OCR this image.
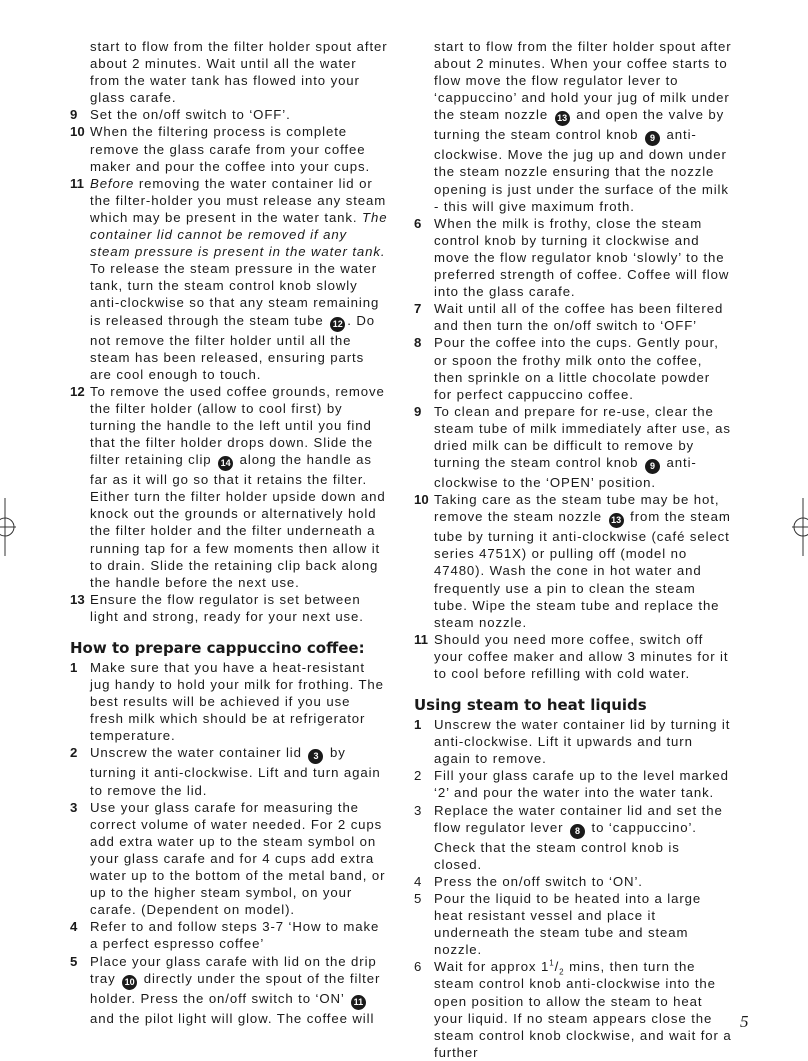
start to flow from the filter holder spout after about 2 minutes. Wait until all the water from the water tank has flowed into your glass carafe.
9 Set the on/off switch to ‘OFF’.
10 When the filtering process is complete remove the glass carafe from your coffee maker and pour the coffee into your cups.
11 Before removing the water container lid or the filter-holder you must release any steam which may be present in the water tank. The container lid cannot be removed if any steam pressure is present in the water tank. To release the steam pressure in the water tank, turn the steam control knob slowly anti-clockwise so that any steam remaining is released through the steam tube 12 . Do not remove the filter holder until all the steam has been released, ensuring parts are cool enough to touch.
12 To remove the used coffee grounds, remove the filter holder (allow to cool first) by turning the handle to the left until you find that the filter holder drops down. Slide the filter retaining clip 14 along the handle as far as it will go so that it retains the filter. Either turn the filter holder upside down and knock out the grounds or alternatively hold the filter holder and the filter underneath a running tap for a few moments then allow it to drain. Slide the retaining clip back along the handle before the next use.
13 Ensure the flow regulator is set between light and strong, ready for your next use.
How to prepare cappuccino coffee:
1 Make sure that you have a heat-resistant jug handy to hold your milk for frothing. The best results will be achieved if you use fresh milk which should be at refrigerator temperature.
2 Unscrew the water container lid 3 by turning it anti-clockwise. Lift and turn again to remove the lid.
3 Use your glass carafe for measuring the correct volume of water needed. For 2 cups add extra water up to the steam symbol on your glass carafe and for 4 cups add extra water up to the bottom of the metal band, or up to the higher steam symbol, on your carafe. (Dependent on model).
4 Refer to and follow steps 3-7 ‘How to make a perfect espresso coffee’
5 Place your glass carafe with lid on the drip tray 10 directly under the spout of the filter holder. Press the on/off switch to ‘ON’ 11 and the pilot light will glow. The coffee will
start to flow from the filter holder spout after about 2 minutes. When your coffee starts to flow move the flow regulator lever to ‘cappuccino’ and hold your jug of milk under the steam nozzle 13 and open the valve by turning the steam control knob 9 anti-clockwise. Move the jug up and down under the steam nozzle ensuring that the nozzle opening is just under the surface of the milk - this will give maximum froth.
6 When the milk is frothy, close the steam control knob by turning it clockwise and move the flow regulator knob ‘slowly’ to the preferred strength of coffee. Coffee will flow into the glass carafe.
7 Wait until all of the coffee has been filtered and then turn the on/off switch to ‘OFF’
8 Pour the coffee into the cups. Gently pour, or spoon the frothy milk onto the coffee, then sprinkle on a little chocolate powder for perfect cappuccino coffee.
9 To clean and prepare for re-use, clear the steam tube of milk immediately after use, as dried milk can be difficult to remove by turning the steam control knob 9 anti-clockwise to the ‘OPEN’ position.
10 Taking care as the steam tube may be hot, remove the steam nozzle 13 from the steam tube by turning it anti-clockwise (café select series 4751X) or pulling off (model no 47480). Wash the cone in hot water and frequently use a pin to clean the steam tube. Wipe the steam tube and replace the steam nozzle.
11 Should you need more coffee, switch off your coffee maker and allow 3 minutes for it to cool before refilling with cold water.
Using steam to heat liquids
1 Unscrew the water container lid by turning it anti-clockwise. Lift it upwards and turn again to remove.
2 Fill your glass carafe up to the level marked ‘2’ and pour the water into the water tank.
3 Replace the water container lid and set the flow regulator lever 8 to ‘cappuccino’. Check that the steam control knob is closed.
4 Press the on/off switch to ‘ON’.
5 Pour the liquid to be heated into a large heat resistant vessel and place it underneath the steam tube and steam nozzle.
6 Wait for approx $1^1/_2$ mins, then turn the steam control knob anti-clockwise into the open position to allow the steam to heat your liquid. If no steam appears close the steam control knob clockwise, and wait for a further
5
